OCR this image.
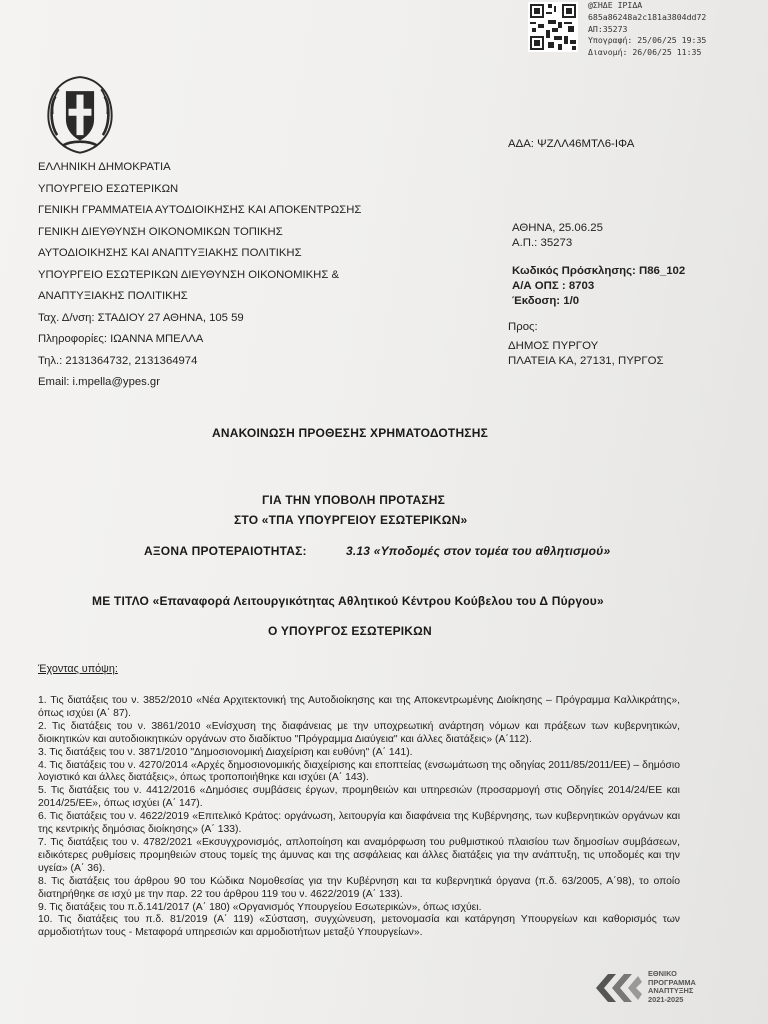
@ΣΗΔΕ ΙΡΙΔΑ
685a86248a2c181a3804dd72
ΑΠ:35273
Υπογραφή: 25/06/25 19:35
Διανομή: 26/06/25 11:35
ΑΔΑ: ΨΖΛΛ46ΜΤΛ6-ΙΦΑ
ΕΛΛΗΝΙΚΗ ΔΗΜΟΚΡΑΤΙΑ
ΥΠΟΥΡΓΕΙΟ ΕΣΩΤΕΡΙΚΩΝ
ΓΕΝΙΚΗ ΓΡΑΜΜΑΤΕΙΑ ΑΥΤΟΔΙΟΙΚΗΣΗΣ ΚΑΙ ΑΠΟΚΕΝΤΡΩΣΗΣ
ΓΕΝΙΚΗ ΔΙΕΥΘΥΝΣΗ ΟΙΚΟΝΟΜΙΚΩΝ ΤΟΠΙΚΗΣ
ΑΥΤΟΔΙΟΙΚΗΣΗΣ ΚΑΙ ΑΝΑΠΤΥΞΙΑΚΗΣ ΠΟΛΙΤΙΚΗΣ
ΥΠΟΥΡΓΕΙΟ ΕΣΩΤΕΡΙΚΩΝ ΔΙΕΥΘΥΝΣΗ ΟΙΚΟΝΟΜΙΚΗΣ &
ΑΝΑΠΤΥΞΙΑΚΗΣ ΠΟΛΙΤΙΚΗΣ
Ταχ. Δ/νση: ΣΤΑΔΙΟΥ 27 ΑΘΗΝΑ, 105 59
Πληροφορίες: ΙΩΑΝΝΑ ΜΠΕΛΛΑ
Τηλ.: 2131364732, 2131364974
Email: i.mpella@ypes.gr
ΑΘΗΝΑ, 25.06.25
Α.Π.: 35273
Κωδικός Πρόσκλησης: Π86_102
Α/Α ΟΠΣ : 8703
Έκδοση: 1/0
Προς:
ΔΗΜΟΣ ΠΥΡΓΟΥ
ΠΛΑΤΕΙΑ ΚΑ, 27131, ΠΥΡΓΟΣ
ΑΝΑΚΟΙΝΩΣΗ ΠΡΟΘΕΣΗΣ ΧΡΗΜΑΤΟΔΟΤΗΣΗΣ
ΓΙΑ ΤΗΝ ΥΠΟΒΟΛΗ ΠΡΟΤΑΣΗΣ
ΣΤΟ «ΤΠΑ ΥΠΟΥΡΓΕΙΟΥ ΕΣΩΤΕΡΙΚΩΝ»
ΑΞΟΝΑ ΠΡΟΤΕΡΑΙΟΤΗΤΑΣ:	3.13 «Υποδομές στον τομέα του αθλητισμού»
ΜΕ ΤΙΤΛΟ «Επαναφορά Λειτουργικότητας Αθλητικού Κέντρου Κούβελου του Δ Πύργου»
Ο ΥΠΟΥΡΓΟΣ ΕΣΩΤΕΡΙΚΩΝ
Έχοντας υπόψη:
1. Τις διατάξεις του ν. 3852/2010 «Νέα Αρχιτεκτονική της Αυτοδιοίκησης και της Αποκεντρωμένης Διοίκησης – Πρόγραμμα Καλλικράτης», όπως ισχύει (Α΄ 87).
2. Τις διατάξεις του ν. 3861/2010 «Ενίσχυση της διαφάνειας με την υποχρεωτική ανάρτηση νόμων και πράξεων των κυβερνητικών, διοικητικών και αυτοδιοικητικών οργάνων στο διαδίκτυο "Πρόγραμμα Διαύγεια" και άλλες διατάξεις» (Α΄112).
3. Τις διατάξεις του ν. 3871/2010 "Δημοσιονομική Διαχείριση και ευθύνη" (Α΄ 141).
4. Τις διατάξεις του ν. 4270/2014 «Αρχές δημοσιονομικής διαχείρισης και εποπτείας (ενσωμάτωση της οδηγίας 2011/85/2011/ΕΕ) – δημόσιο λογιστικό και άλλες διατάξεις», όπως τροποποιήθηκε και ισχύει (Α΄ 143).
5. Τις διατάξεις του ν. 4412/2016 «Δημόσιες συμβάσεις έργων, προμηθειών και υπηρεσιών (προσαρμογή στις Οδηγίες 2014/24/ΕΕ και 2014/25/ΕΕ», όπως ισχύει (Α΄ 147).
6. Τις διατάξεις του ν. 4622/2019 «Επιτελικό Κράτος: οργάνωση, λειτουργία και διαφάνεια της Κυβέρνησης, των κυβερνητικών οργάνων και της κεντρικής δημόσιας διοίκησης» (Α΄ 133).
7. Τις διατάξεις του ν. 4782/2021 «Εκσυγχρονισμός, απλοποίηση και αναμόρφωση του ρυθμιστικού πλαισίου των δημοσίων συμβάσεων, ειδικότερες ρυθμίσεις προμηθειών στους τομείς της άμυνας και της ασφάλειας και άλλες διατάξεις για την ανάπτυξη, τις υποδομές και την υγεία» (Α΄ 36).
8. Τις διατάξεις του άρθρου 90 του Κώδικα Νομοθεσίας για την Κυβέρνηση και τα κυβερνητικά όργανα (π.δ. 63/2005, Α΄98), το οποίο διατηρήθηκε σε ισχύ με την παρ. 22 του άρθρου 119 του ν. 4622/2019 (Α΄ 133).
9. Τις διατάξεις του π.δ.141/2017 (Α΄ 180) «Οργανισμός Υπουργείου Εσωτερικών», όπως ισχύει.
10. Τις διατάξεις του π.δ. 81/2019 (Α΄ 119) «Σύσταση, συγχώνευση, μετονομασία και κατάργηση Υπουργείων και καθορισμός των αρμοδιοτήτων τους - Μεταφορά υπηρεσιών και αρμοδιοτήτων μεταξύ Υπουργείων».
ΕΘΝΙΚΟ
ΠΡΟΓΡΑΜΜΑ
ΑΝΑΠΤΥΞΗΣ
2021-2025
